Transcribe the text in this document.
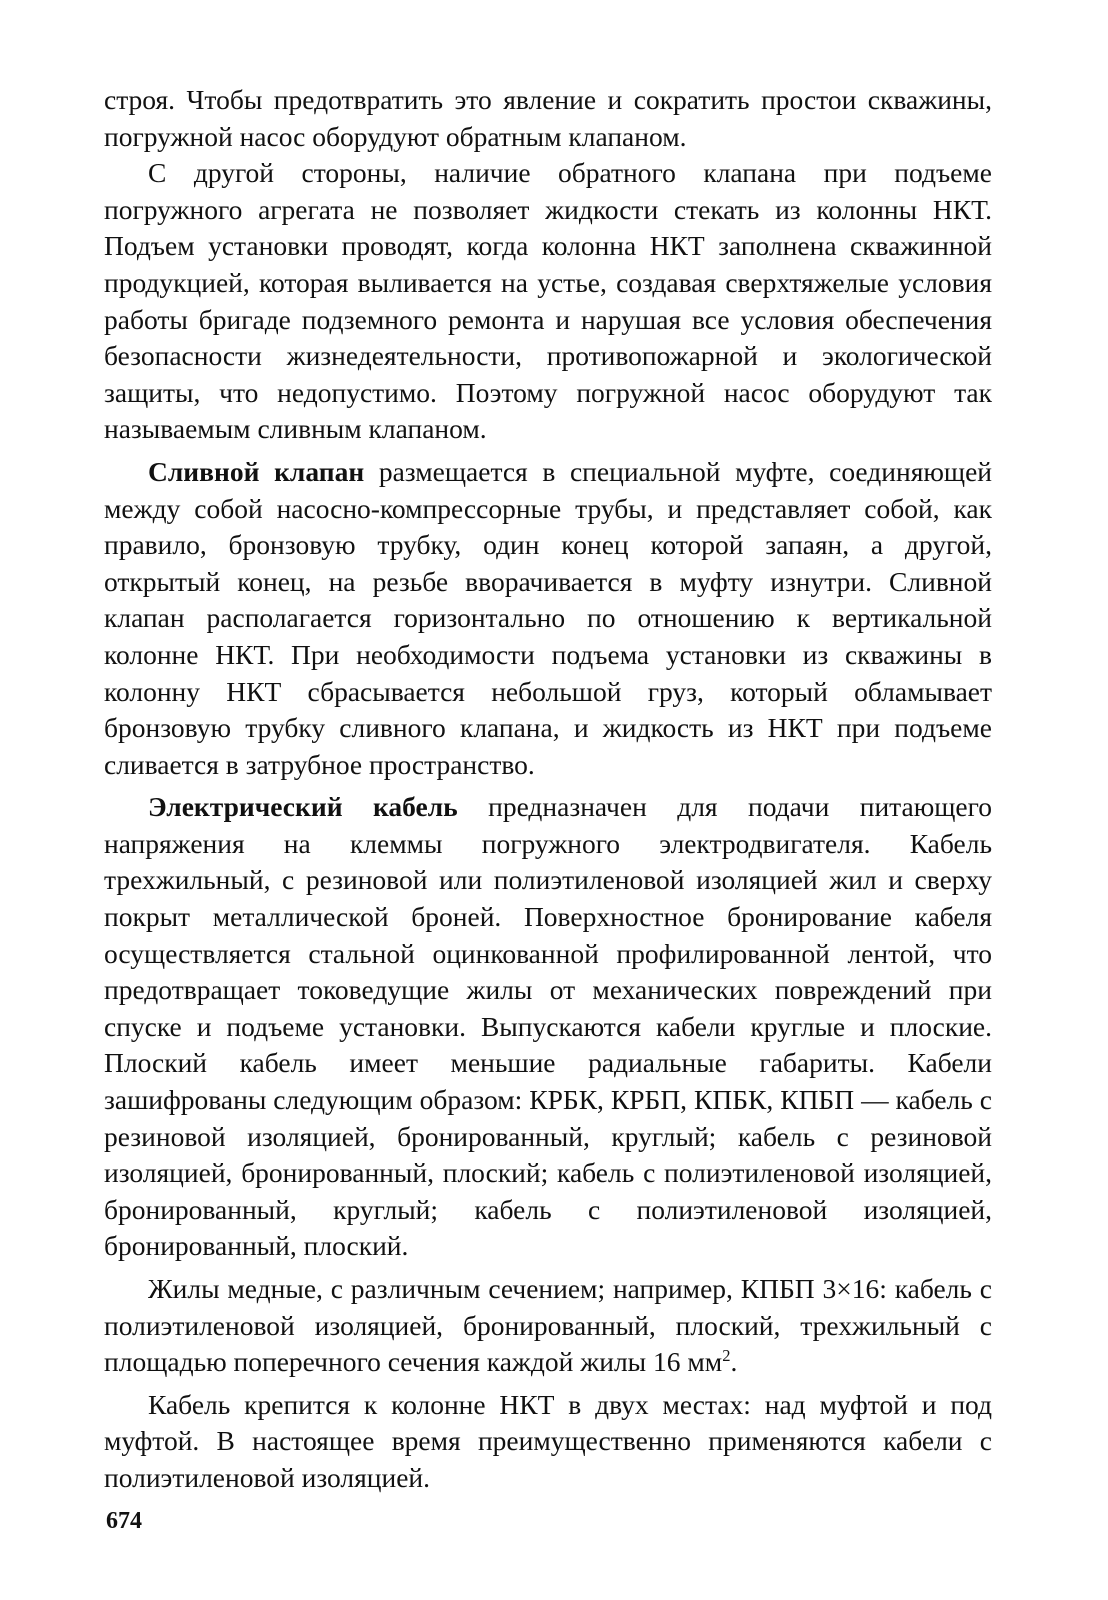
строя. Чтобы предотвратить это явление и сократить простои скважины, погружной насос оборудуют обратным клапаном.

С другой стороны, наличие обратного клапана при подъеме погружного агрегата не позволяет жидкости стекать из колонны НКТ. Подъем установки проводят, когда колонна НКТ заполнена скважинной продукцией, которая выливается на устье, создавая сверхтяжелые условия работы бригаде подземного ремонта и нарушая все условия обеспечения безопасности жизнедеятельности, противопожарной и экологической защиты, что недопустимо. Поэтому погружной насос оборудуют так называемым сливным клапаном.

Сливной клапан размещается в специальной муфте, соединяющей между собой насосно-компрессорные трубы, и представляет собой, как правило, бронзовую трубку, один конец которой запаян, а другой, открытый конец, на резьбе вворачивается в муфту изнутри. Сливной клапан располагается горизонтально по отношению к вертикальной колонне НКТ. При необходимости подъема установки из скважины в колонну НКТ сбрасывается небольшой груз, который обламывает бронзовую трубку сливного клапана, и жидкость из НКТ при подъеме сливается в затрубное пространство.

Электрический кабель предназначен для подачи питающего напряжения на клеммы погружного электродвигателя. Кабель трехжильный, с резиновой или полиэтиленовой изоляцией жил и сверху покрыт металлической броней. Поверхностное бронирование кабеля осуществляется стальной оцинкованной профилированной лентой, что предотвращает токоведущие жилы от механических повреждений при спуске и подъеме установки. Выпускаются кабели круглые и плоские. Плоский кабель имеет меньшие радиальные габариты. Кабели зашифрованы следующим образом: КРБК, КРБП, КПБК, КПБП — кабель с резиновой изоляцией, бронированный, круглый; кабель с резиновой изоляцией, бронированный, плоский; кабель с полиэтиленовой изоляцией, бронированный, круглый; кабель с полиэтиленовой изоляцией, бронированный, плоский.

Жилы медные, с различным сечением; например, КПБП 3×16: кабель с полиэтиленовой изоляцией, бронированный, плоский, трехжильный с площадью поперечного сечения каждой жилы 16 $мм^2$.

Кабель крепится к колонне НКТ в двух местах: над муфтой и под муфтой. В настоящее время преимущественно применяются кабели с полиэтиленовой изоляцией.

674
